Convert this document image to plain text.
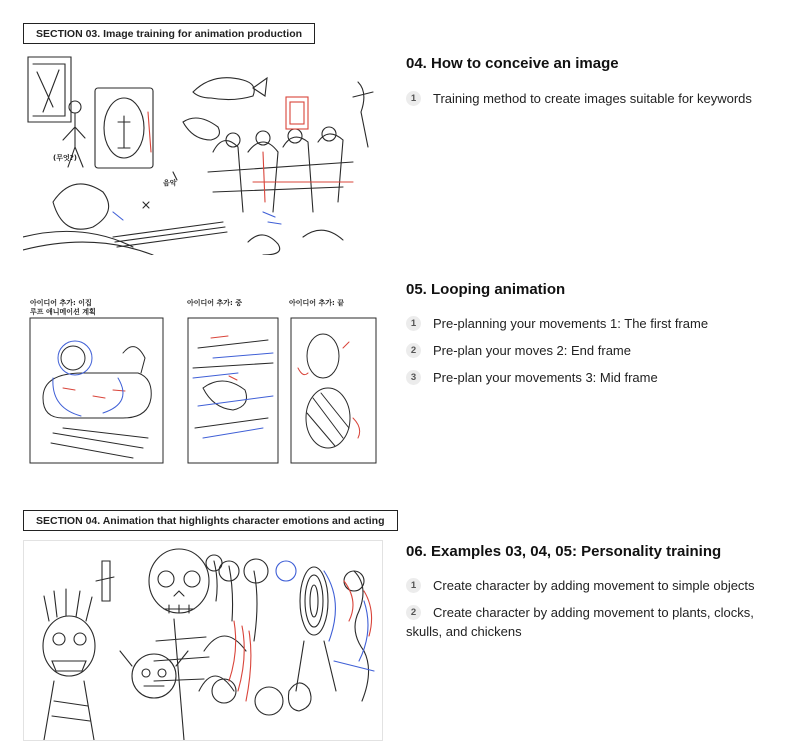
SECTION 03. Image training for animation production
음악
(무엇?)
04. How to conceive an image
1	Training method to create images suitable for keywords
아이디어 추가: 이집
루프 애니메이션 계획
아이디어 추가: 중	아이디어 추가: 끝
05. Looping animation
1	Pre-planning your movements 1: The first frame
2	Pre-plan your moves 2: End frame
3	Pre-plan your movements 3: Mid frame
SECTION 04. Animation that highlights character emotions and acting
06. Examples 03, 04, 05: Personality training
1	Create character by adding movement to simple objects
2 Create character by adding movement to plants, clocks, skulls, and chickens
